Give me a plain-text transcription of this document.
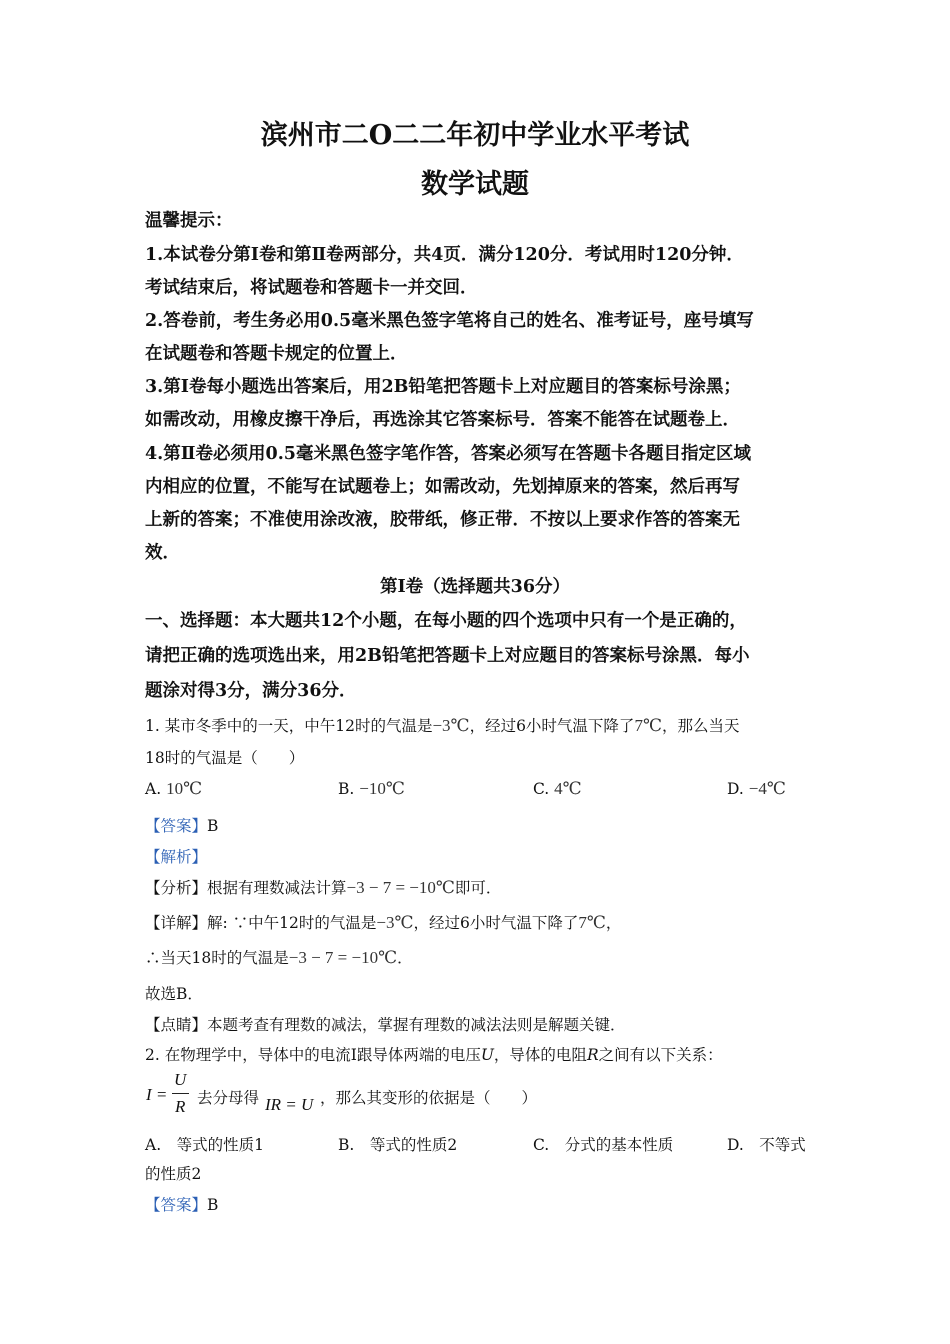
滨州市二O二二年初中学业水平考试
数学试题
温馨提示：
1.本试卷分第Ⅰ卷和第Ⅱ卷两部分，共4页．满分120分．考试用时120分钟．
考试结束后，将试题卷和答题卡一并交回．
2.答卷前，考生务必用0.5毫米黑色签字笔将自己的姓名、准考证号，座号填写
在试题卷和答题卡规定的位置上．
3.第Ⅰ卷每小题选出答案后，用2B铅笔把答题卡上对应题目的答案标号涂黑；
如需改动，用橡皮擦干净后，再选涂其它答案标号．答案不能答在试题卷上．
4.第Ⅱ卷必须用0.5毫米黑色签字笔作答，答案必须写在答题卡各题目指定区域
内相应的位置，不能写在试题卷上；如需改动，先划掉原来的答案，然后再写
上新的答案；不准使用涂改液，胶带纸，修正带．不按以上要求作答的答案无
效．
第Ⅰ卷（选择题共36分）
一、选择题：本大题共12个小题，在每小题的四个选项中只有一个是正确的，
请把正确的选项选出来，用2B铅笔把答题卡上对应题目的答案标号涂黑．每小
题涂对得3分，满分36分．
1. 某市冬季中的一天，中午12时的气温是−3℃，经过6小时气温下降了7℃，那么当天
18时的气温是（　　）
A. 10℃	B. −10℃	C. 4℃	D. −4℃
【答案】B
【解析】
【分析】根据有理数减法计算−3 − 7 = −10℃即可．
【详解】解: ∵中午12时的气温是−3℃，经过6小时气温下降了7℃，
∴当天18时的气温是−3 − 7 = −10℃．
故选B．
【点睛】本题考查有理数的减法，掌握有理数的减法法则是解题关键．
2. 在物理学中，导体中的电流Ⅰ跟导体两端的电压U，导体的电阻R之间有以下关系：
I =
U
R 去分母得 IR = U ，那么其变形的依据是（　　）
A.　等式的性质1	B.　等式的性质2	C.　分式的基本性质	D.　不等式
的性质2
【答案】B
